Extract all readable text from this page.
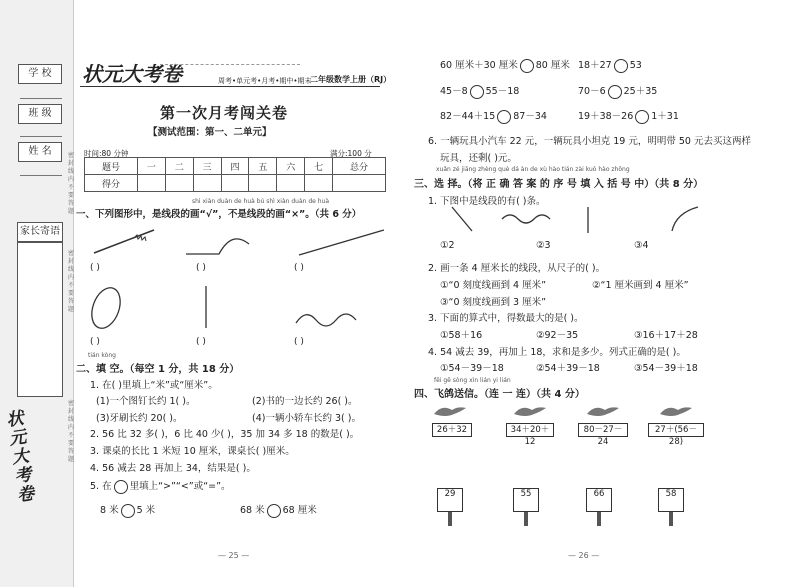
学 校
班 级
姓 名
家长寄语
密封线内不要答题
密封线内不要答题
密封线内不要答题
状元大考卷
状元大考卷	周考•单元考•月考•期中•期末
二年级数学上册（RJ）
第一次月考闯关卷
【测试范围：第一、二单元】
时间:80 分钟	满分:100 分
题号	一	二	三	四	五	六	七	总分
得分								
shì xiàn duàn de huà bú shì xiàn duàn de huà
一、下列图形中，是线段的画“√”，不是线段的画“×”。（共 6 分）
( )	( )	( )
( )	( )	( )
tián kòng
二、填 空。（每空 1 分，共 18 分）
1. 在( )里填上“米”或“厘米”。
(1)一个图钉长约 1( )。	(2)书的一边长约 26( )。
(3)牙刷长约 20( )。	(4)一辆小轿车长约 3( )。
2. 56 比 32 多( )，6 比 40 少( )，35 加 34 多 18 的数是( )。
3. 课桌的长比 1 米短 10 厘米，课桌长( )厘米。
4. 56 减去 28 再加上 34，结果是( )。
5. 在 里填上“>”“<”或“=”。
8 米 5 米	68 米 68 厘米
— 25 —
60 厘米＋30 厘米 80 厘米 18＋27 53
45－8 55－18	70－6 25＋35
82－44＋15 87－34	19＋38－26 1＋31
6. 一辆玩具小汽车 22 元，一辆玩具小坦克 19 元，明明带 50 元去买这两样
玩具，还剩( )元。
xuǎn zé jiāng zhèng què dá àn de xù hào tián zài kuò hào zhōng
三、选 择。（将 正 确 答 案 的 序 号 填 入 括 号 中）（共 8 分）
1. 下图中是线段的有( )条。
①2	②3	③4
2. 画一条 4 厘米长的线段，从尺子的( )。
①“0 刻度线画到 4 厘米”	②“1 厘米画到 4 厘米”
③“0 刻度线画到 3 厘米”
3. 下面的算式中，得数最大的是( )。
①58＋16	②92－35	③16＋17＋28
4. 54 减去 39，再加上 18，求和是多少。列式正确的是( )。
①54－39－18	②54＋39－18	③54－39＋18
fēi gē sòng xìn lián yi lián
四、飞鸽送信。（连 一 连）（共 4 分）
26＋32	34＋20＋12
80－27－24
27＋(56－28)
29	55	66	58
— 26 —
